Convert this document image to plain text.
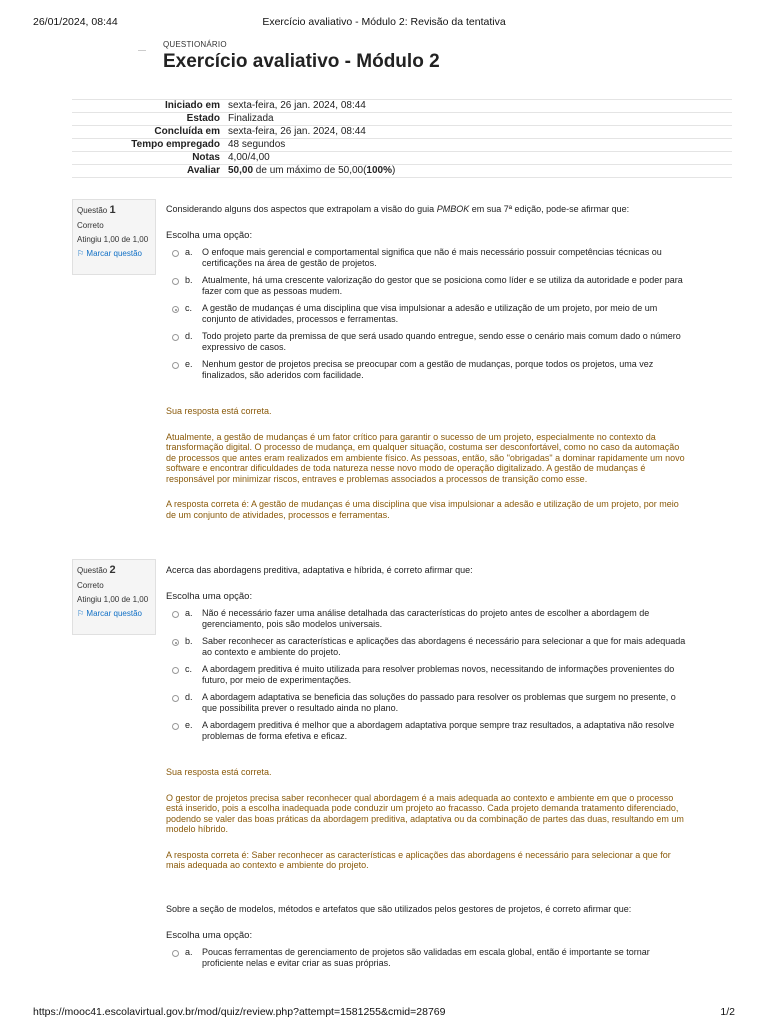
26/01/2024, 08:44	Exercício avaliativo - Módulo 2: Revisão da tentativa
QUESTIONÁRIO
Exercício avaliativo - Módulo 2
Iniciado em	sexta-feira, 26 jan. 2024, 08:44
Estado	Finalizada
Concluída em	sexta-feira, 26 jan. 2024, 08:44
Tempo empregado	48 segundos
Notas	4,00/4,00
Avaliar	50,00 de um máximo de 50,00(100%)
Questão 1
Correto
Atingiu 1,00 de 1,00
⚐ Marcar questão

Considerando alguns dos aspectos que extrapolam a visão do guia PMBOK em sua 7ª edição, pode-se afirmar que:

Escolha uma opção:
a. O enfoque mais gerencial e comportamental significa que não é mais necessário possuir competências técnicas ou certificações na área de gestão de projetos.
b. Atualmente, há uma crescente valorização do gestor que se posiciona como líder e se utiliza da autoridade e poder para fazer com que as pessoas mudem.
c. A gestão de mudanças é uma disciplina que visa impulsionar a adesão e utilização de um projeto, por meio de um conjunto de atividades, processos e ferramentas.
d. Todo projeto parte da premissa de que será usado quando entregue, sendo esse o cenário mais comum dado o número expressivo de casos.
e. Nenhum gestor de projetos precisa se preocupar com a gestão de mudanças, porque todos os projetos, uma vez finalizados, são aderidos com facilidade.

Sua resposta está correta.

Atualmente, a gestão de mudanças é um fator crítico para garantir o sucesso de um projeto, especialmente no contexto da transformação digital. O processo de mudança, em qualquer situação, costuma ser desconfortável, como no caso da automação de processos que antes eram realizados em ambiente físico. As pessoas, então, são "obrigadas" a dominar rapidamente um novo software e encontrar dificuldades de toda natureza nesse novo modo de operação digitalizado. A gestão de mudanças é responsável por minimizar riscos, entraves e problemas associados a processos de transição como esse.

A resposta correta é: A gestão de mudanças é uma disciplina que visa impulsionar a adesão e utilização de um projeto, por meio de um conjunto de atividades, processos e ferramentas.

Questão 2
Correto
Atingiu 1,00 de 1,00
⚐ Marcar questão

Acerca das abordagens preditiva, adaptativa e híbrida, é correto afirmar que:

Escolha uma opção:
a. Não é necessário fazer uma análise detalhada das características do projeto antes de escolher a abordagem de gerenciamento, pois são modelos universais.
b. Saber reconhecer as características e aplicações das abordagens é necessário para selecionar a que for mais adequada ao contexto e ambiente do projeto.
c. A abordagem preditiva é muito utilizada para resolver problemas novos, necessitando de informações provenientes do futuro, por meio de experimentações.
d. A abordagem adaptativa se beneficia das soluções do passado para resolver os problemas que surgem no presente, o que possibilita prever o resultado ainda no plano.
e. A abordagem preditiva é melhor que a abordagem adaptativa porque sempre traz resultados, a adaptativa não resolve problemas de forma efetiva e eficaz.

Sua resposta está correta.

O gestor de projetos precisa saber reconhecer qual abordagem é a mais adequada ao contexto e ambiente em que o processo está inserido, pois a escolha inadequada pode conduzir um projeto ao fracasso. Cada projeto demanda tratamento diferenciado, podendo se valer das boas práticas da abordagem preditiva, adaptativa ou da combinação de partes das duas, resultando em um modelo híbrido.

A resposta correta é: Saber reconhecer as características e aplicações das abordagens é necessário para selecionar a que for mais adequada ao contexto e ambiente do projeto.

Sobre a seção de modelos, métodos e artefatos que são utilizados pelos gestores de projetos, é correto afirmar que:

Escolha uma opção:
a. Poucas ferramentas de gerenciamento de projetos são validadas em escala global, então é importante se tornar proficiente nelas e evitar criar as suas próprias.
https://mooc41.escolavirtual.gov.br/mod/quiz/review.php?attempt=1581255&cmid=28769	1/2
